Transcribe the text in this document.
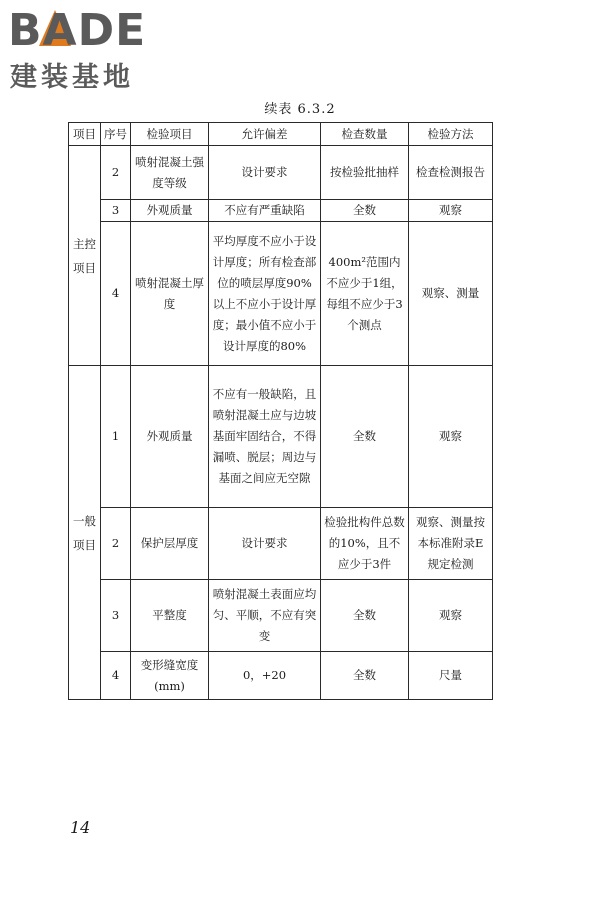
BADE
建装基地
续表 6.3.2
项目	序号	检验项目	允许偏差	检查数量	检验方法
主控项目	2	喷射混凝土强度等级	设计要求	按检验批抽样	检查检测报告
	3	外观质量	不应有严重缺陷	全数	观察
	4	喷射混凝土厚度	平均厚度不应小于设计厚度；所有检查部位的喷层厚度90%以上不应小于设计厚度；最小值不应小于设计厚度的80%	400m²范围内不应少于1组，每组不应少于3个测点	观察、测量
一般项目	1	外观质量	不应有一般缺陷，且喷射混凝土应与边坡基面牢固结合，不得漏喷、脱层；周边与基面之间应无空隙	全数	观察
	2	保护层厚度	设计要求	检验批构件总数的10%，且不应少于3件	观察、测量按本标准附录E规定检测
	3	平整度	喷射混凝土表面应均匀、平顺，不应有突变	全数	观察
	4	变形缝宽度(mm)	0，+20	全数	尺量
14
